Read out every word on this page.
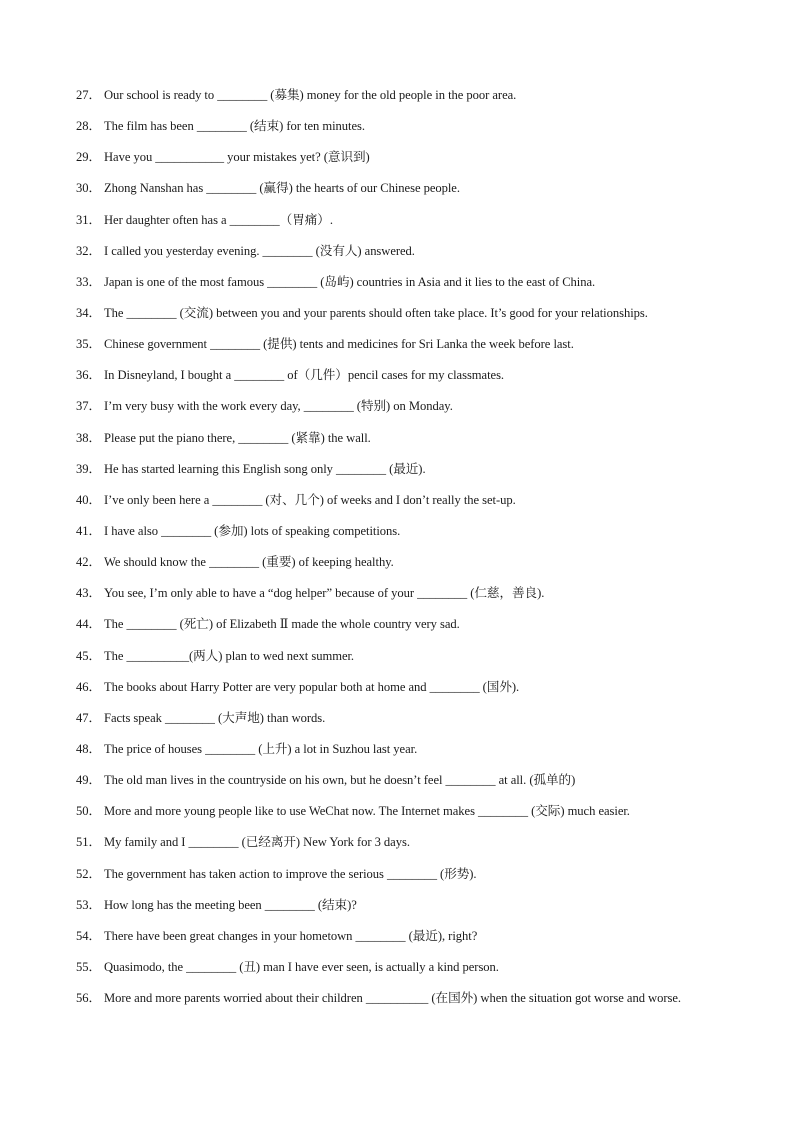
27． Our school is ready to ________ (募集) money for the old people in the poor area.
28． The film has been ________ (结束) for ten minutes.
29． Have you ___________ your mistakes yet? (意识到)
30． Zhong Nanshan has ________ (赢得) the hearts of our Chinese people.
31． Her daughter often has a ________（胃痛）.
32． I called you yesterday evening. ________ (没有人) answered.
33． Japan is one of the most famous ________ (岛屿) countries in Asia and it lies to the east of China.
34． The ________ (交流) between you and your parents should often take place. It’s good for your relationships.
35． Chinese government ________ (提供) tents and medicines for Sri Lanka the week before last.
36． In Disneyland, I bought a ________ of（几件）pencil cases for my classmates.
37． I’m very busy with the work every day, ________ (特别) on Monday.
38． Please put the piano there, ________ (紧靠) the wall.
39． He has started learning this English song only ________ (最近).
40． I’ve only been here a ________ (对、几个) of weeks and I don’t really the set-up.
41． I have also ________ (参加) lots of speaking competitions.
42． We should know the ________ (重要) of keeping healthy.
43． You see, I’m only able to have a “dog helper” because of your ________ (仁慈，善良).
44． The ________ (死亡) of Elizabeth Ⅱ made the whole country very sad.
45． The __________(两人) plan to wed next summer.
46． The books about Harry Potter are very popular both at home and ________ (国外).
47． Facts speak ________ (大声地) than words.
48． The price of houses ________ (上升) a lot in Suzhou last year.
49． The old man lives in the countryside on his own, but he doesn’t feel ________ at all. (孤单的)
50． More and more young people like to use WeChat now. The Internet makes ________ (交际) much easier.
51． My family and I ________ (已经离开) New York for 3 days.
52． The government has taken action to improve the serious ________ (形势).
53． How long has the meeting been ________ (结束)?
54． There have been great changes in your hometown ________ (最近), right?
55． Quasimodo, the ________ (丑) man I have ever seen, is actually a kind person.
56． More and more parents worried about their children __________ (在国外) when the situation got worse and worse.
